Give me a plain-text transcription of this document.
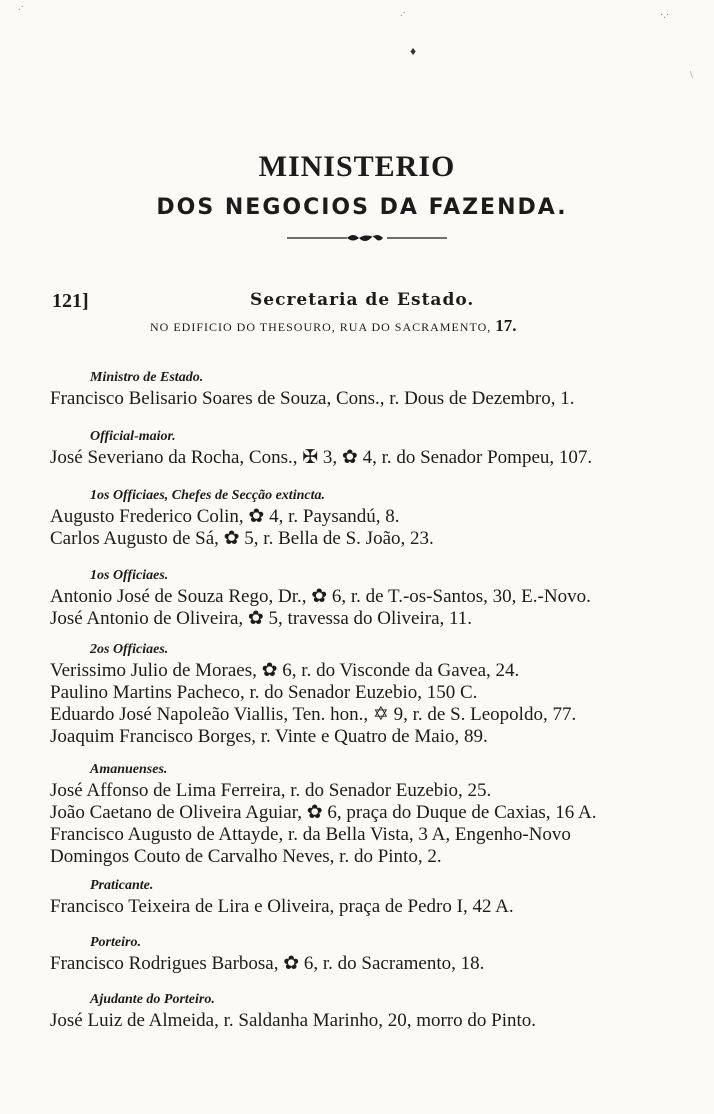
♦
.·
.·	·.·
\
MINISTERIO
DOS NEGOCIOS DA FAZENDA.
121]	Secretaria de Estado.
NO EDIFICIO DO THESOURO, RUA DO SACRAMENTO, 17.
Ministro de Estado.
Francisco Belisario Soares de Souza, Cons., r. Dous de Dezembro, 1.
Official-maior.
José Severiano da Rocha, Cons., ✠ 3, ✿ 4, r. do Senador Pompeu, 107.
1os Officiaes, Chefes de Secção extincta.
Augusto Frederico Colin, ✿ 4, r. Paysandú, 8.
Carlos Augusto de Sá, ✿ 5, r. Bella de S. João, 23.
1os Officiaes.
Antonio José de Souza Rego, Dr., ✿ 6, r. de T.-os-Santos, 30, E.-Novo.
José Antonio de Oliveira, ✿ 5, travessa do Oliveira, 11.
2os Officiaes.
Verissimo Julio de Moraes, ✿ 6, r. do Visconde da Gavea, 24.
Paulino Martins Pacheco, r. do Senador Euzebio, 150 C.
Eduardo José Napoleão Viallis, Ten. hon., ✡ 9, r. de S. Leopoldo, 77.
Joaquim Francisco Borges, r. Vinte e Quatro de Maio, 89.
Amanuenses.
José Affonso de Lima Ferreira, r. do Senador Euzebio, 25.
João Caetano de Oliveira Aguiar, ✿ 6, praça do Duque de Caxias, 16 A.
Francisco Augusto de Attayde, r. da Bella Vista, 3 A, Engenho-Novo
Domingos Couto de Carvalho Neves, r. do Pinto, 2.
Praticante.
Francisco Teixeira de Lira e Oliveira, praça de Pedro I, 42 A.
Porteiro.
Francisco Rodrigues Barbosa, ✿ 6, r. do Sacramento, 18.
Ajudante do Porteiro.
José Luiz de Almeida, r. Saldanha Marinho, 20, morro do Pinto.
